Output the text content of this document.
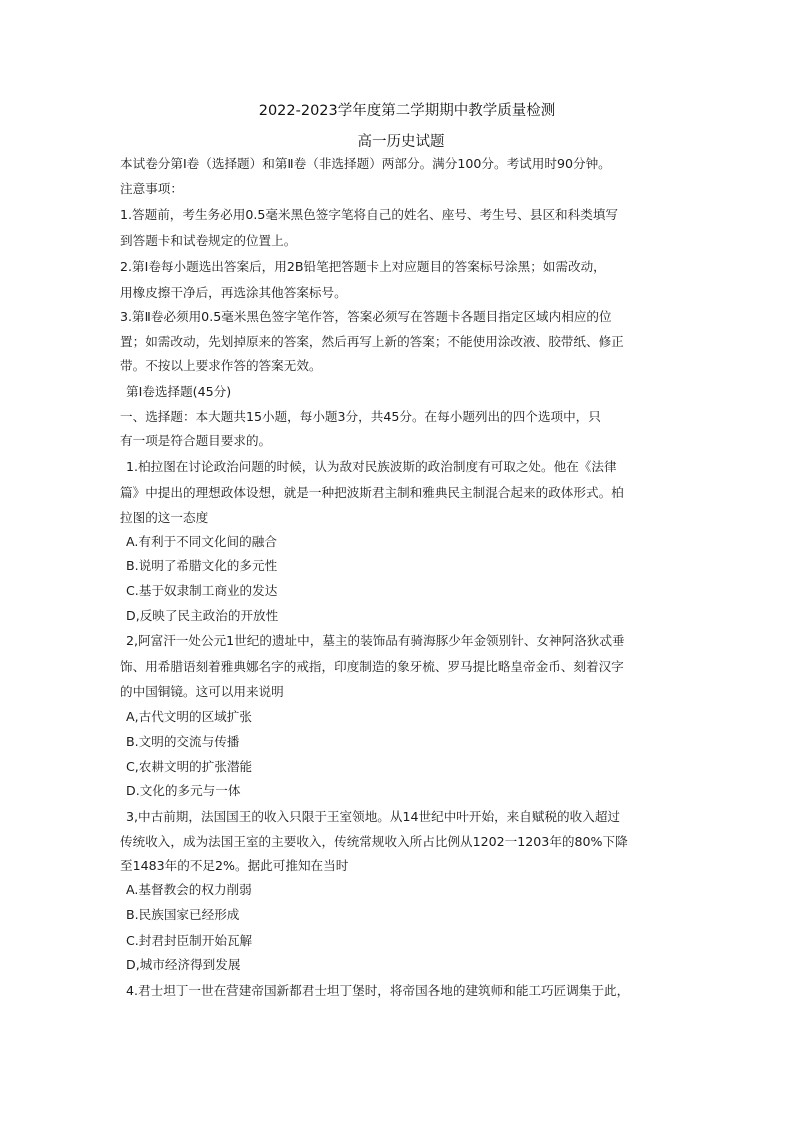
2022-2023学年度第二学期期中教学质量检测
高一历史试题
本试卷分第Ⅰ卷（选择题）和第Ⅱ卷（非选择题）两部分。满分100分。考试用时90分钟。
注意事项：
1.答题前，考生务必用0.5毫米黑色签字笔将自己的姓名、座号、考生号、县区和科类填写
到答题卡和试卷规定的位置上。
2.第Ⅰ卷每小题选出答案后，用2B铅笔把答题卡上对应题目的答案标号涂黑；如需改动，
用橡皮擦干净后，再选涂其他答案标号。
3.第Ⅱ卷必须用0.5毫米黑色签字笔作答，答案必须写在答题卡各题目指定区域内相应的位
置；如需改动，先划掉原来的答案，然后再写上新的答案；不能使用涂改液、胶带纸、修正
带。不按以上要求作答的答案无效。
第Ⅰ卷选择题(45分)
一、选择题：本大题共15小题，每小题3分，共45分。在每小题列出的四个选项中，只
有一项是符合题目要求的。
1.柏拉图在讨论政治问题的时候，认为敌对民族波斯的政治制度有可取之处。他在《法律
篇》中提出的理想政体设想，就是一种把波斯君主制和雅典民主制混合起来的政体形式。柏
拉图的这一态度
A.有利于不同文化间的融合
B.说明了希腊文化的多元性
C.基于奴隶制工商业的发达
D,反映了民主政治的开放性
2,阿富汗一处公元1世纪的遗址中，墓主的装饰品有骑海豚少年金领别针、女神阿洛狄忒垂
饰、用希腊语刻着雅典娜名字的戒指，印度制造的象牙梳、罗马提比略皇帝金币、刻着汉字
的中国铜镜。这可以用来说明
A,古代文明的区域扩张
B.文明的交流与传播
C,农耕文明的扩张潜能
D.文化的多元与一体
3,中古前期，法国国王的收入只限于王室领地。从14世纪中叶开始，来自赋税的收入超过
传统收入，成为法国王室的主要收入，传统常规收入所占比例从1202一1203年的80%下降
至1483年的不足2%。据此可推知在当时
A.基督教会的权力削弱
B.民族国家已经形成
C.封君封臣制开始瓦解
D,城市经济得到发展
4.君士坦丁一世在营建帝国新都君士坦丁堡时，将帝国各地的建筑师和能工巧匠调集于此，
